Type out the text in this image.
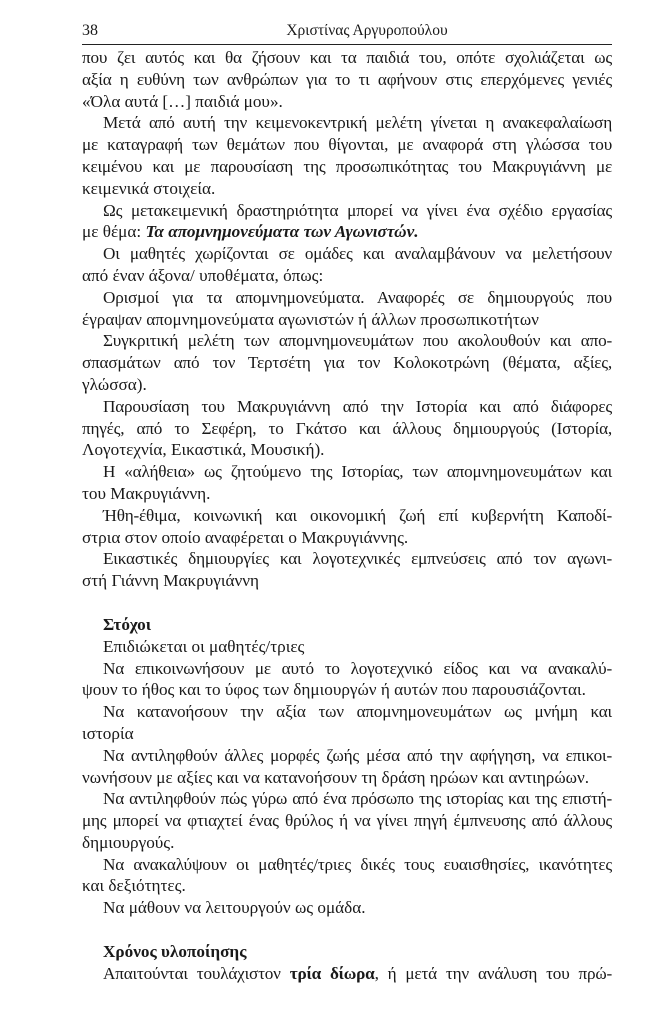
38	Χριστίνας Αργυροπούλου
που ζει αυτός και θα ζήσουν και τα παιδιά του, οπότε σχολιάζεται ως
αξία η ευθύνη των ανθρώπων για το τι αφήνουν στις επερχόμενες γενιές
«Όλα αυτά […] παιδιά μου».
Μετά από αυτή την κειμενοκεντρική μελέτη γίνεται η ανακεφαλαίωση
με καταγραφή των θεμάτων που θίγονται, με αναφορά στη γλώσσα του
κειμένου και με παρουσίαση της προσωπικότητας του Μακρυγιάννη με
κειμενικά στοιχεία.
Ως μετακειμενική δραστηριότητα μπορεί να γίνει ένα σχέδιο εργασίας
με θέμα: Τα απομνημονεύματα των Αγωνιστών.
Οι μαθητές χωρίζονται σε ομάδες και αναλαμβάνουν να μελετήσουν
από έναν άξονα/ υποθέματα, όπως:
Ορισμοί για τα απομνημονεύματα. Αναφορές σε δημιουργούς που
έγραψαν απομνημονεύματα αγωνιστών ή άλλων προσωπικοτήτων
Συγκριτική μελέτη των απομνημονευμάτων που ακολουθούν και απο-
σπασμάτων από τον Τερτσέτη για τον Κολοκοτρώνη (θέματα, αξίες,
γλώσσα).
Παρουσίαση του Μακρυγιάννη από την Ιστορία και από διάφορες
πηγές, από το Σεφέρη, το Γκάτσο και άλλους δημιουργούς (Ιστορία,
Λογοτεχνία, Εικαστικά, Μουσική).
Η «αλήθεια» ως ζητούμενο της Ιστορίας, των απομνημονευμάτων και
του Μακρυγιάννη.
Ήθη-έθιμα, κοινωνική και οικονομική ζωή επί κυβερνήτη Καποδί-
στρια στον οποίο αναφέρεται ο Μακρυγιάννης.
Εικαστικές δημιουργίες και λογοτεχνικές εμπνεύσεις από τον αγωνι-
στή Γιάννη Μακρυγιάννη
Στόχοι
Επιδιώκεται οι μαθητές/τριες
Να επικοινωνήσουν με αυτό το λογοτεχνικό είδος και να ανακαλύ-
ψουν το ήθος και το ύφος των δημιουργών ή αυτών που παρουσιάζονται.
Να κατανοήσουν την αξία των απομνημονευμάτων ως μνήμη και
ιστορία
Να αντιληφθούν άλλες μορφές ζωής μέσα από την αφήγηση, να επικοι-
νωνήσουν με αξίες και να κατανοήσουν τη δράση ηρώων και αντιηρώων.
Να αντιληφθούν πώς γύρω από ένα πρόσωπο της ιστορίας και της επιστή-
μης μπορεί να φτιαχτεί ένας θρύλος ή να γίνει πηγή έμπνευσης από άλλους
δημιουργούς.
Να ανακαλύψουν οι μαθητές/τριες δικές τους ευαισθησίες, ικανότητες
και δεξιότητες.
Να μάθουν να λειτουργούν ως ομάδα.
Χρόνος υλοποίησης
Απαιτούνται τουλάχιστον τρία δίωρα, ή μετά την ανάλυση του πρώ-
